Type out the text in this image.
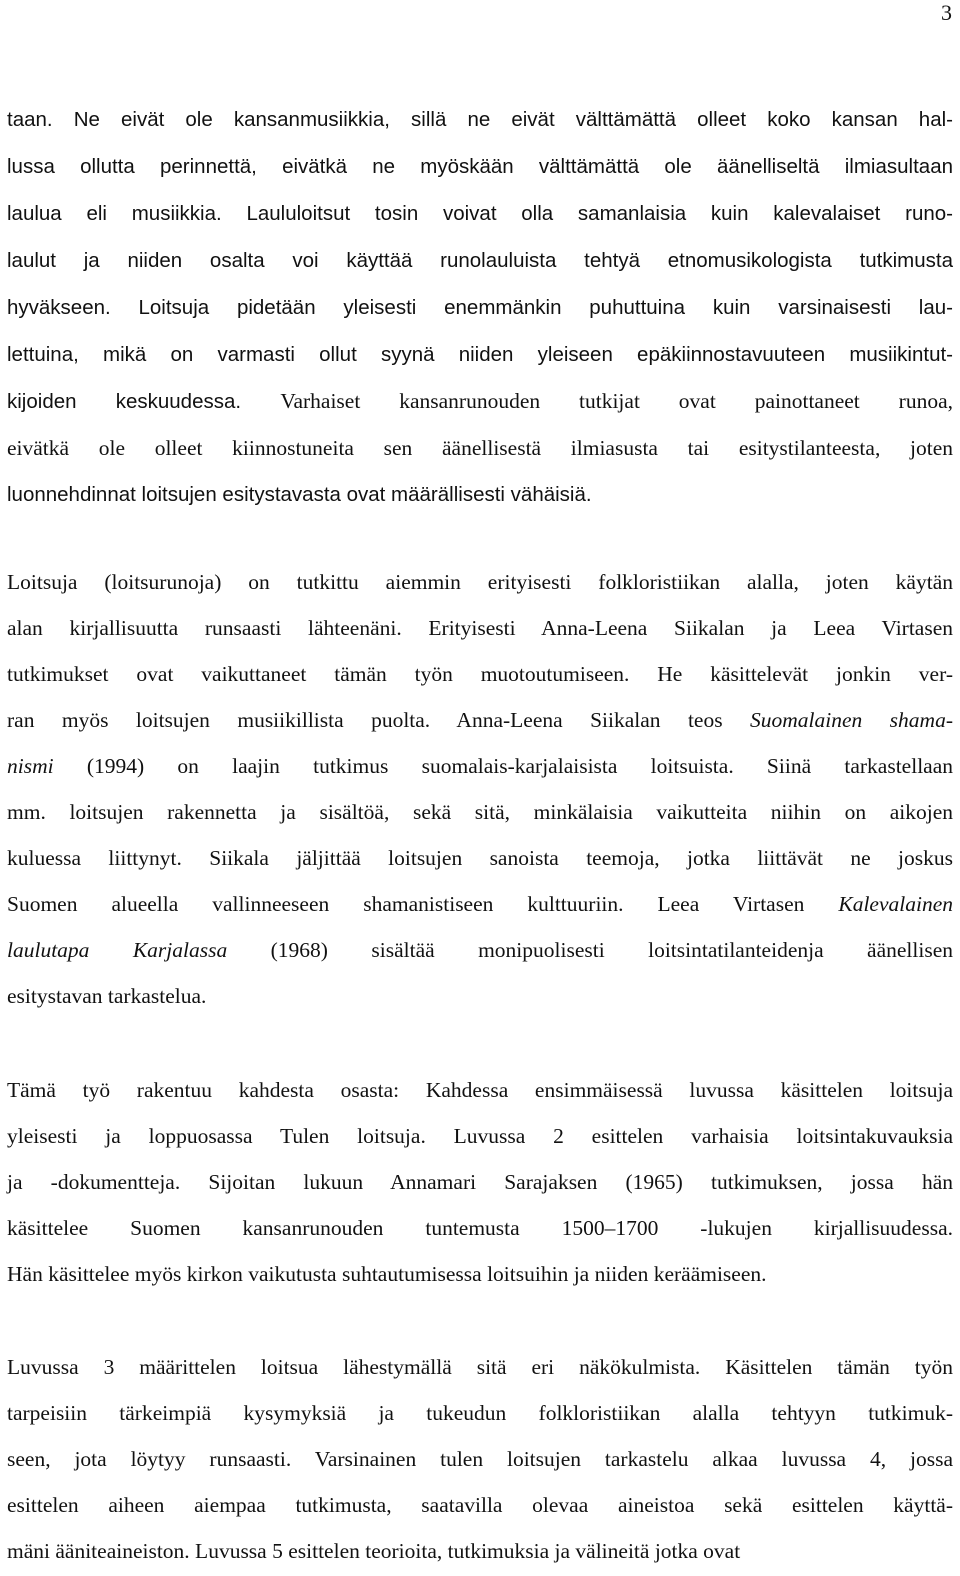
3
taan. Ne eivät ole kansanmusiikkia, sillä ne eivät välttämättä olleet koko kansan hal-
lussa ollutta perinnettä, eivätkä ne myöskään välttämättä ole äänelliseltä ilmiasultaan
laulua eli musiikkia. Laululoitsut tosin voivat olla samanlaisia kuin kalevalaiset runo-
laulut ja niiden osalta voi käyttää runolauluista tehtyä etnomusikologista tutkimusta
hyväkseen. Loitsuja pidetään yleisesti enemmänkin puhuttuina kuin varsinaisesti lau-
lettuina, mikä on varmasti ollut syynä niiden yleiseen epäkiinnostavuuteen musiikintut-
kijoiden keskuudessa. Varhaiset kansanrunouden tutkijat ovat painottaneet runoa,
eivätkä ole olleet kiinnostuneita sen äänellisestä ilmiasusta tai esitystilanteesta, joten
luonnehdinnat loitsujen esitystavasta ovat määrällisesti vähäisiä.
Loitsuja (loitsurunoja) on tutkittu aiemmin erityisesti folkloristiikan alalla, joten käytän
alan kirjallisuutta runsaasti lähteenäni. Erityisesti Anna-Leena Siikalan ja Leea Virtasen
tutkimukset ovat vaikuttaneet tämän työn muotoutumiseen. He käsittelevät jonkin ver-
ran myös loitsujen musiikillista puolta. Anna-Leena Siikalan teos Suomalainen shama-
nismi (1994) on laajin tutkimus suomalais-karjalaisista loitsuista. Siinä tarkastellaan
mm. loitsujen rakennetta ja sisältöä, sekä sitä, minkälaisia vaikutteita niihin on aikojen
kuluessa liittynyt. Siikala jäljittää loitsujen sanoista teemoja, jotka liittävät ne joskus
Suomen alueella vallinneeseen shamanistiseen kulttuuriin. Leea Virtasen Kalevalainen
laulutapa Karjalassa (1968) sisältää monipuolisesti loitsintatilanteidenja äänellisen
esitystavan tarkastelua.
Tämä työ rakentuu kahdesta osasta: Kahdessa ensimmäisessä luvussa käsittelen loitsuja
yleisesti ja loppuosassa Tulen loitsuja. Luvussa 2 esittelen varhaisia loitsintakuvauksia
ja -dokumentteja. Sijoitan lukuun Annamari Sarajaksen (1965) tutkimuksen, jossa hän
käsittelee Suomen kansanrunouden tuntemusta 1500–1700 -lukujen kirjallisuudessa.
Hän käsittelee myös kirkon vaikutusta suhtautumisessa loitsuihin ja niiden keräämiseen.
Luvussa 3 määrittelen loitsua lähestymällä sitä eri näkökulmista. Käsittelen tämän työn
tarpeisiin tärkeimpiä kysymyksiä ja tukeudun folkloristiikan alalla tehtyyn tutkimuk-
seen, jota löytyy runsaasti. Varsinainen tulen loitsujen tarkastelu alkaa luvussa 4, jossa
esittelen aiheen aiempaa tutkimusta, saatavilla olevaa aineistoa sekä esittelen käyttä-
mäni ääniteaineiston. Luvussa 5 esittelen teorioita, tutkimuksia ja välineitä jotka ovat
